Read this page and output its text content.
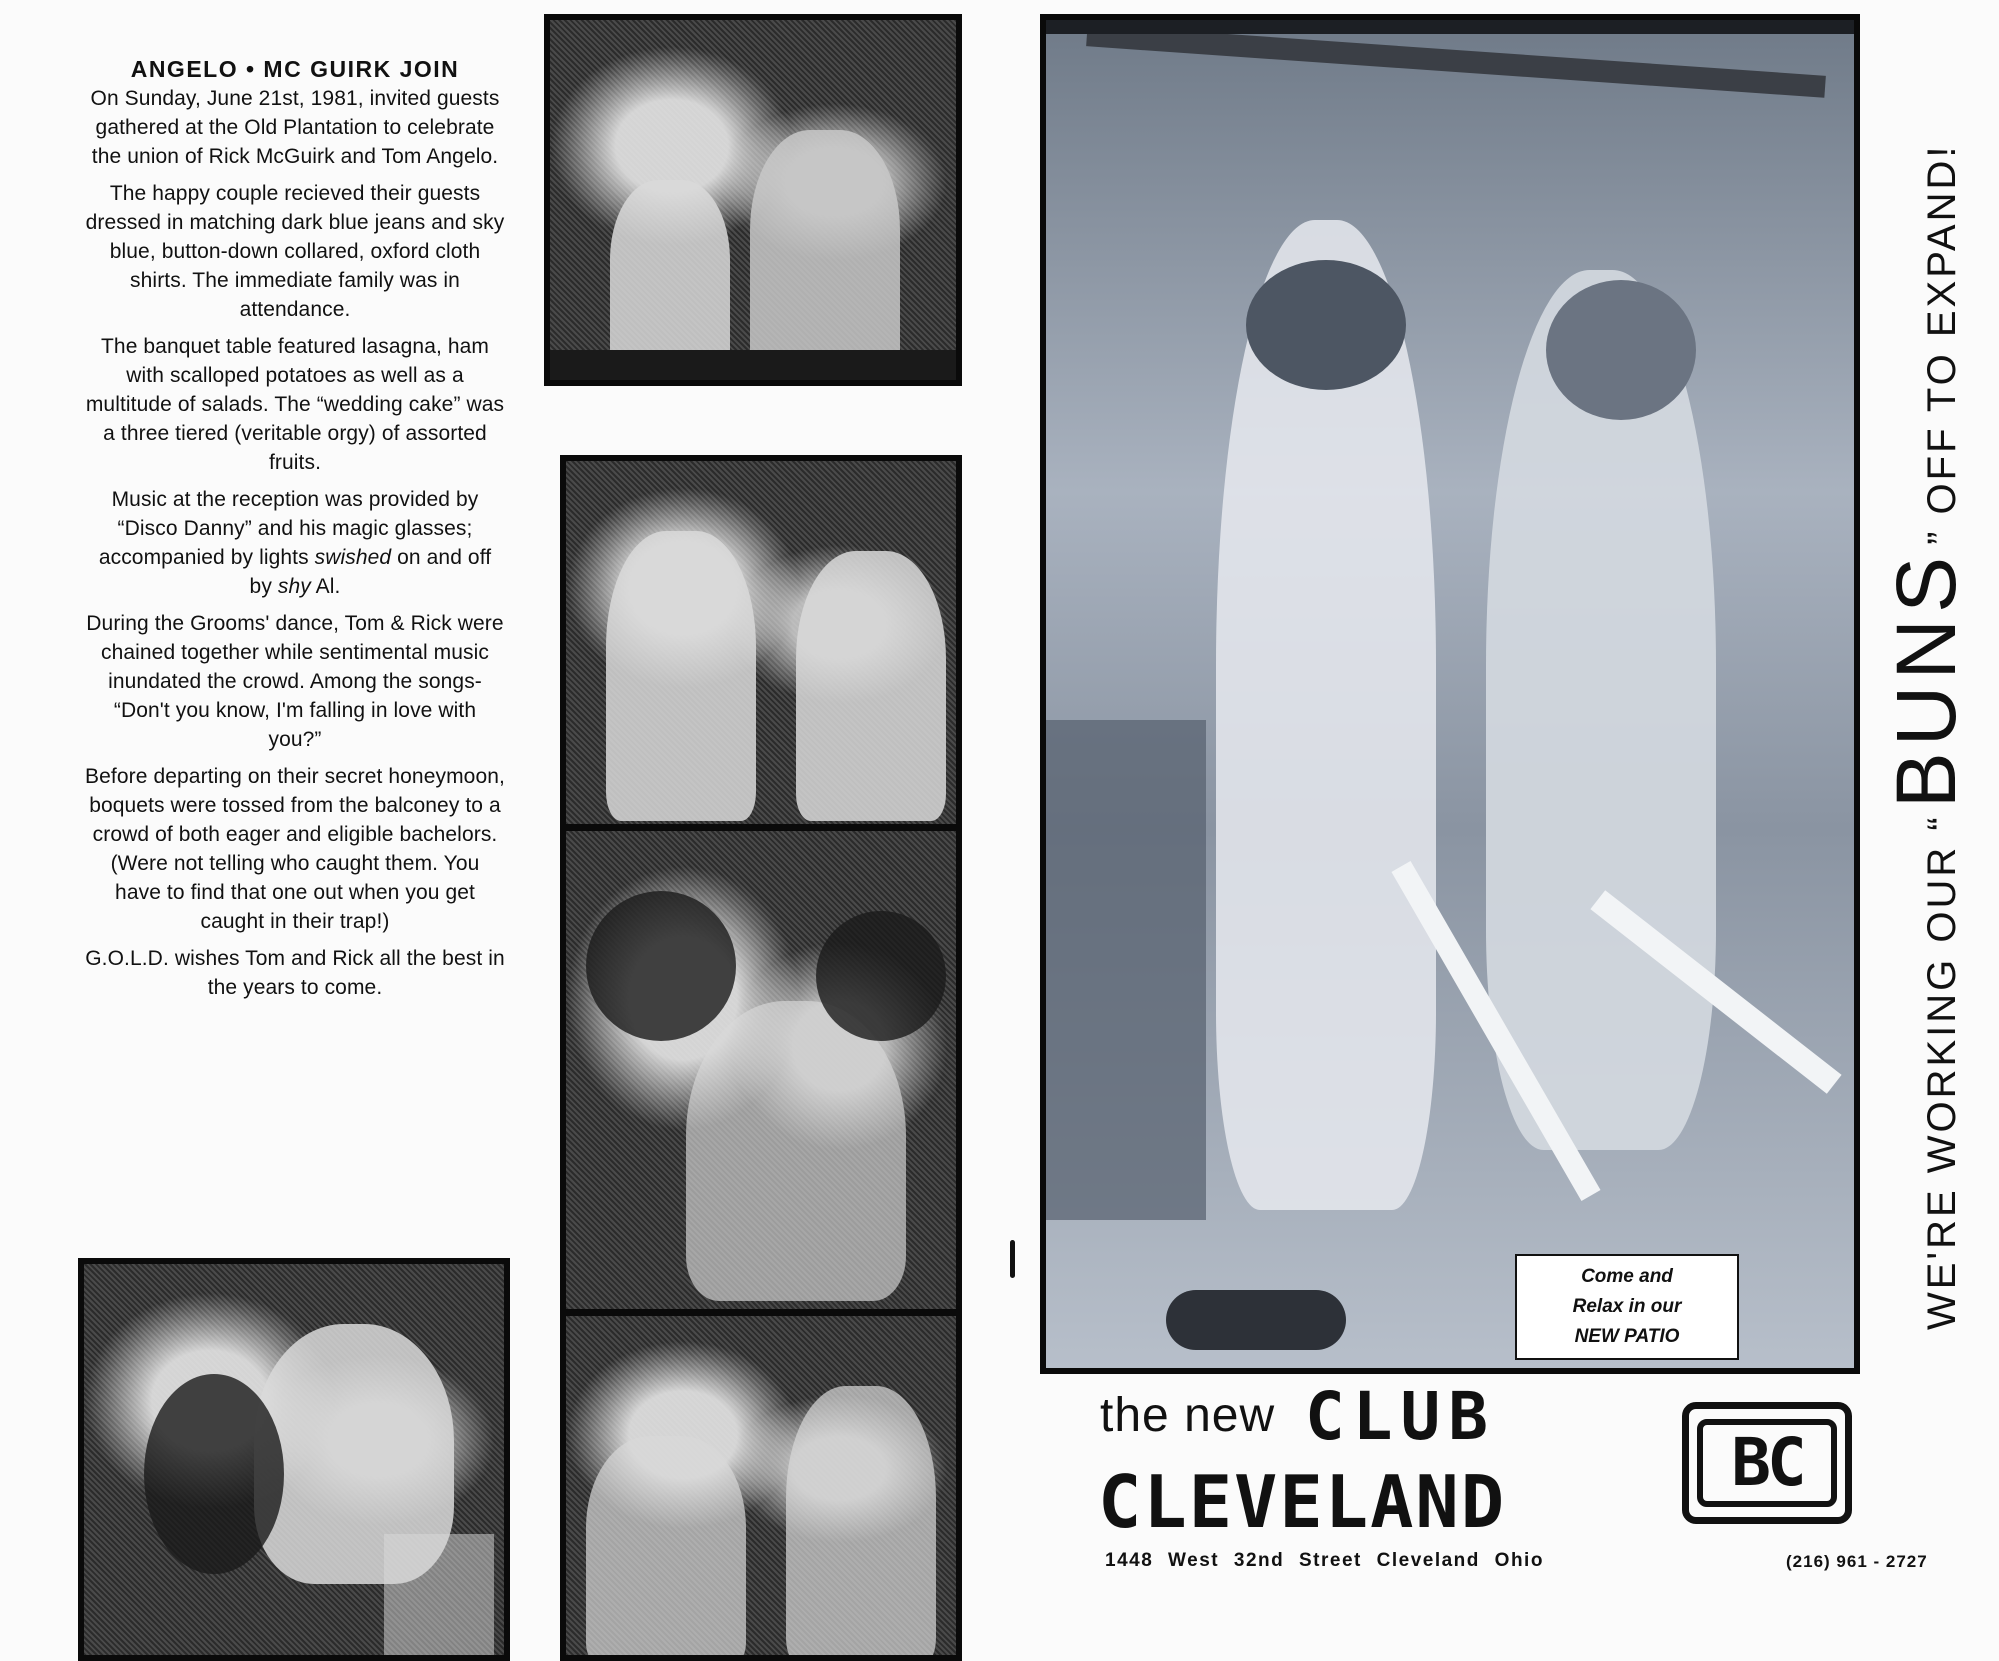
ANGELO • MC GUIRK JOIN

On Sunday, June 21st, 1981, invited guests gathered at the Old Plantation to celebrate the union of Rick McGuirk and Tom Angelo.

The happy couple recieved their guests dressed in matching dark blue jeans and sky blue, button-down collared, oxford cloth shirts. The immediate family was in attendance.

The banquet table featured lasagna, ham with scalloped potatoes as well as a multitude of salads. The “wedding cake” was a three tiered (veritable orgy) of assorted fruits.

Music at the reception was provided by “Disco Danny” and his magic glasses; accompanied by lights swished on and off by shy Al.

During the Grooms' dance, Tom & Rick were chained together while sentimental music inundated the crowd. Among the songs- “Don't you know, I'm falling in love with you?”

Before departing on their secret honeymoon, boquets were tossed from the balconey to a crowd of both eager and eligible bachelors. (Were not telling who caught them. You have to find that one out when you get caught in their trap!)

G.O.L.D. wishes Tom and Rick all the best in the years to come.

Come and
Relax in our
NEW PATIO
WE'RE WORKING OUR “
BUNS
” OFF TO EXPAND!
the new CLUB
CLEVELAND
1448 West 32nd Street Cleveland Ohio	(216) 961 - 2727
BC
